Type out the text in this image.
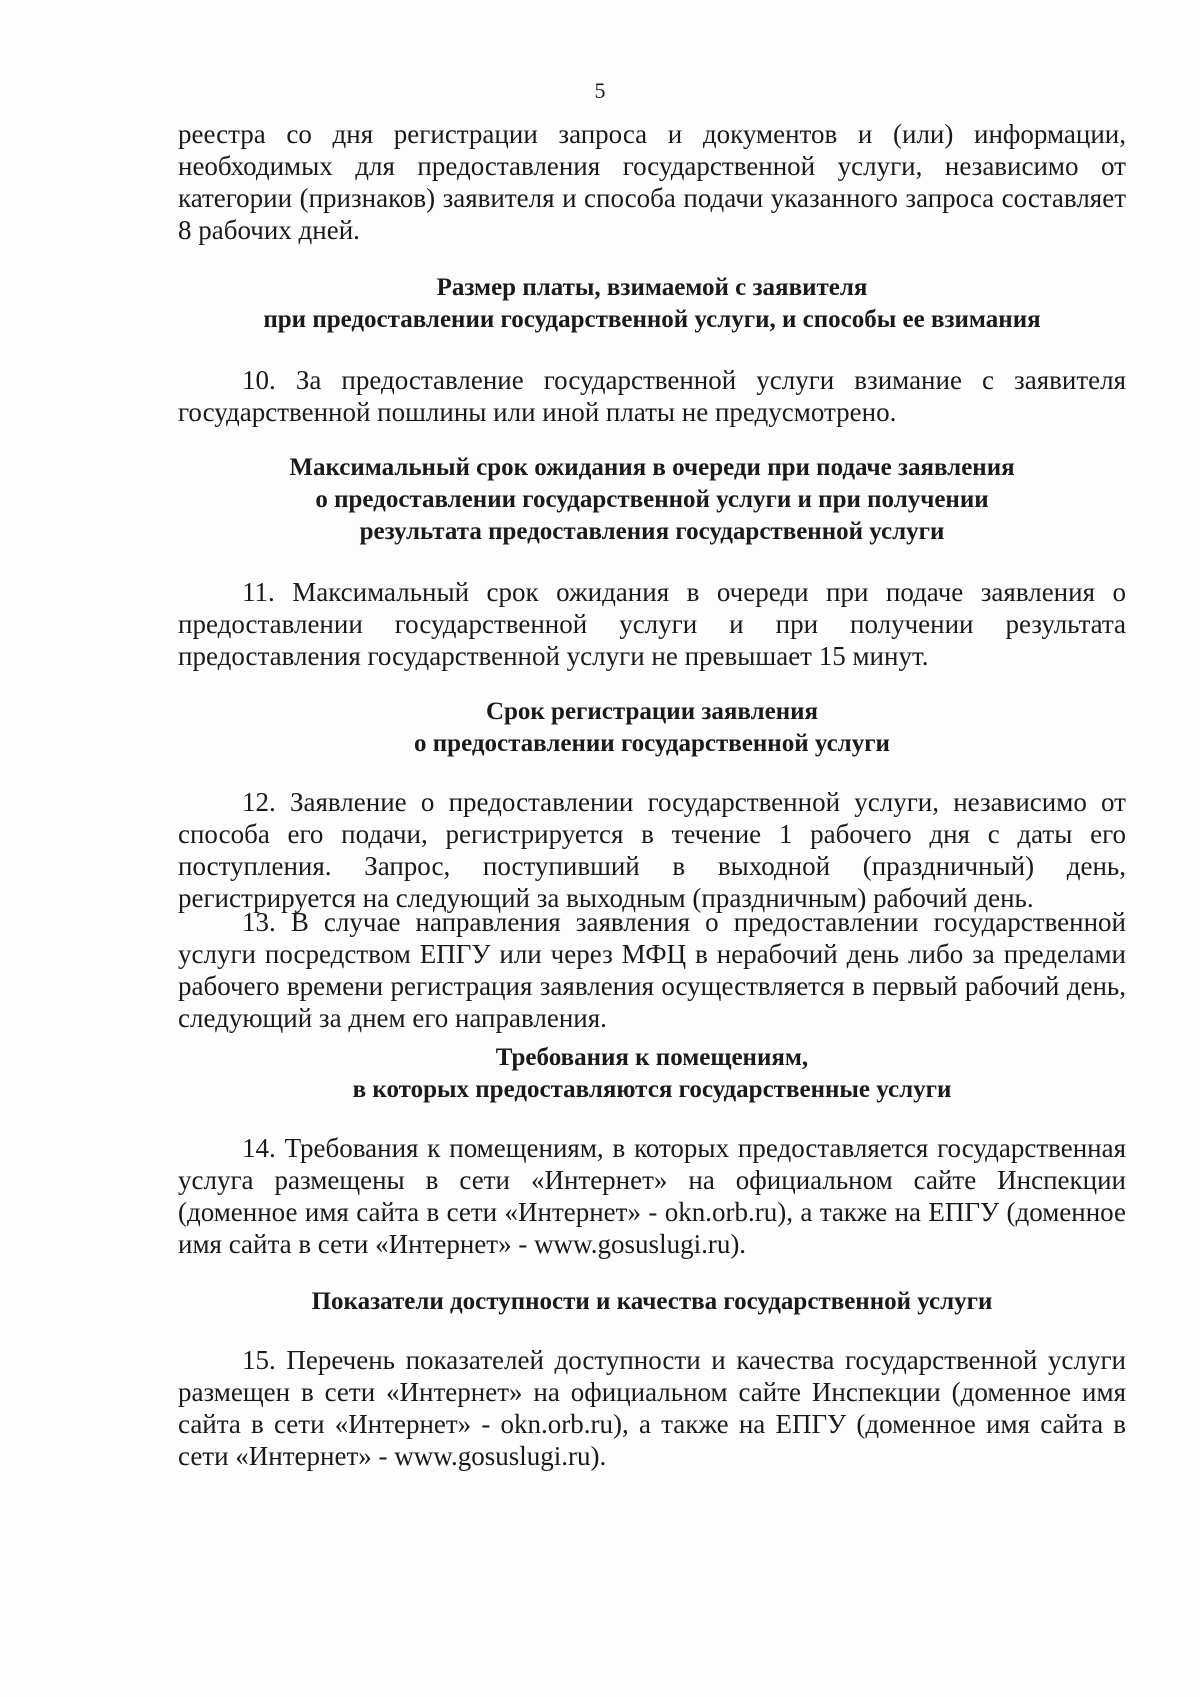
5

реестра со дня регистрации запроса и документов и (или) информации, необходимых для предоставления государственной услуги, независимо от категории (признаков) заявителя и способа подачи указанного запроса составляет 8 рабочих дней.

Размер платы, взимаемой с заявителя
при предоставлении государственной услуги, и способы ее взимания

10. За предоставление государственной услуги взимание с заявителя государственной пошлины или иной платы не предусмотрено.

Максимальный срок ожидания в очереди при подаче заявления
о предоставлении государственной услуги и при получении
результата предоставления государственной услуги

11. Максимальный срок ожидания в очереди при подаче заявления о предоставлении государственной услуги и при получении результата предоставления государственной услуги не превышает 15 минут.

Срок регистрации заявления
о предоставлении государственной услуги

12. Заявление о предоставлении государственной услуги, независимо от способа его подачи, регистрируется в течение 1 рабочего дня с даты его поступления. Запрос, поступивший в выходной (праздничный) день, регистрируется на следующий за выходным (праздничным) рабочий день.

13. В случае направления заявления о предоставлении государственной услуги посредством ЕПГУ или через МФЦ в нерабочий день либо за пределами рабочего времени регистрация заявления осуществляется в первый рабочий день, следующий за днем его направления.

Требования к помещениям,
в которых предоставляются государственные услуги

14. Требования к помещениям, в которых предоставляется государственная услуга размещены в сети «Интернет» на официальном сайте Инспекции (доменное имя сайта в сети «Интернет» - okn.orb.ru), а также на ЕПГУ (доменное имя сайта в сети «Интернет» - www.gosuslugi.ru).

Показатели доступности и качества государственной услуги

15. Перечень показателей доступности и качества государственной услуги размещен в сети «Интернет» на официальном сайте Инспекции (доменное имя сайта в сети «Интернет» - okn.orb.ru), а также на ЕПГУ (доменное имя сайта в сети «Интернет» - www.gosuslugi.ru).
